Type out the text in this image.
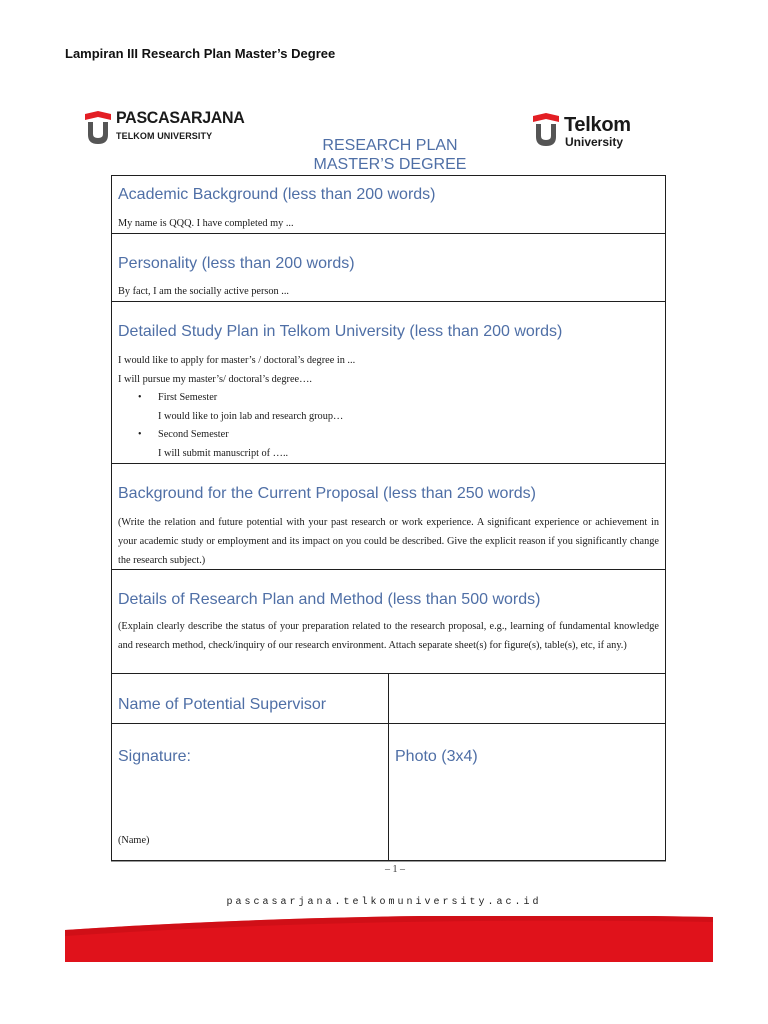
Lampiran III Research Plan Master’s Degree
PASCASARJANA
TELKOM UNIVERSITY	Telkom
University
RESEARCH PLAN
MASTER’S DEGREE
Academic Background (less than 200 words)
My name is QQQ. I have completed my ...
Personality (less than 200 words)
By fact, I am the socially active person ...
Detailed Study Plan in Telkom University (less than 200 words)
I would like to apply for master’s / doctoral’s degree in ...
I will pursue my master’s/ doctoral’s degree….
• First Semester
I would like to join lab and research group…
• Second Semester
I will submit manuscript of …..
Background for the Current Proposal (less than 250 words)
(Write the relation and future potential with your past research or work experience. A significant experience or achievement in your academic study or employment and its impact on you could be described. Give the explicit reason if you significantly change the research subject.)
Details of Research Plan and Method (less than 500 words)
(Explain clearly describe the status of your preparation related to the research proposal, e.g., learning of fundamental knowledge and research method, check/inquiry of our research environment. Attach separate sheet(s) for figure(s), table(s), etc, if any.)
Name of Potential Supervisor
Signature:
(Name)
Photo (3x4)
– 1 –
pascasarjana.telkomuniversity.ac.id
